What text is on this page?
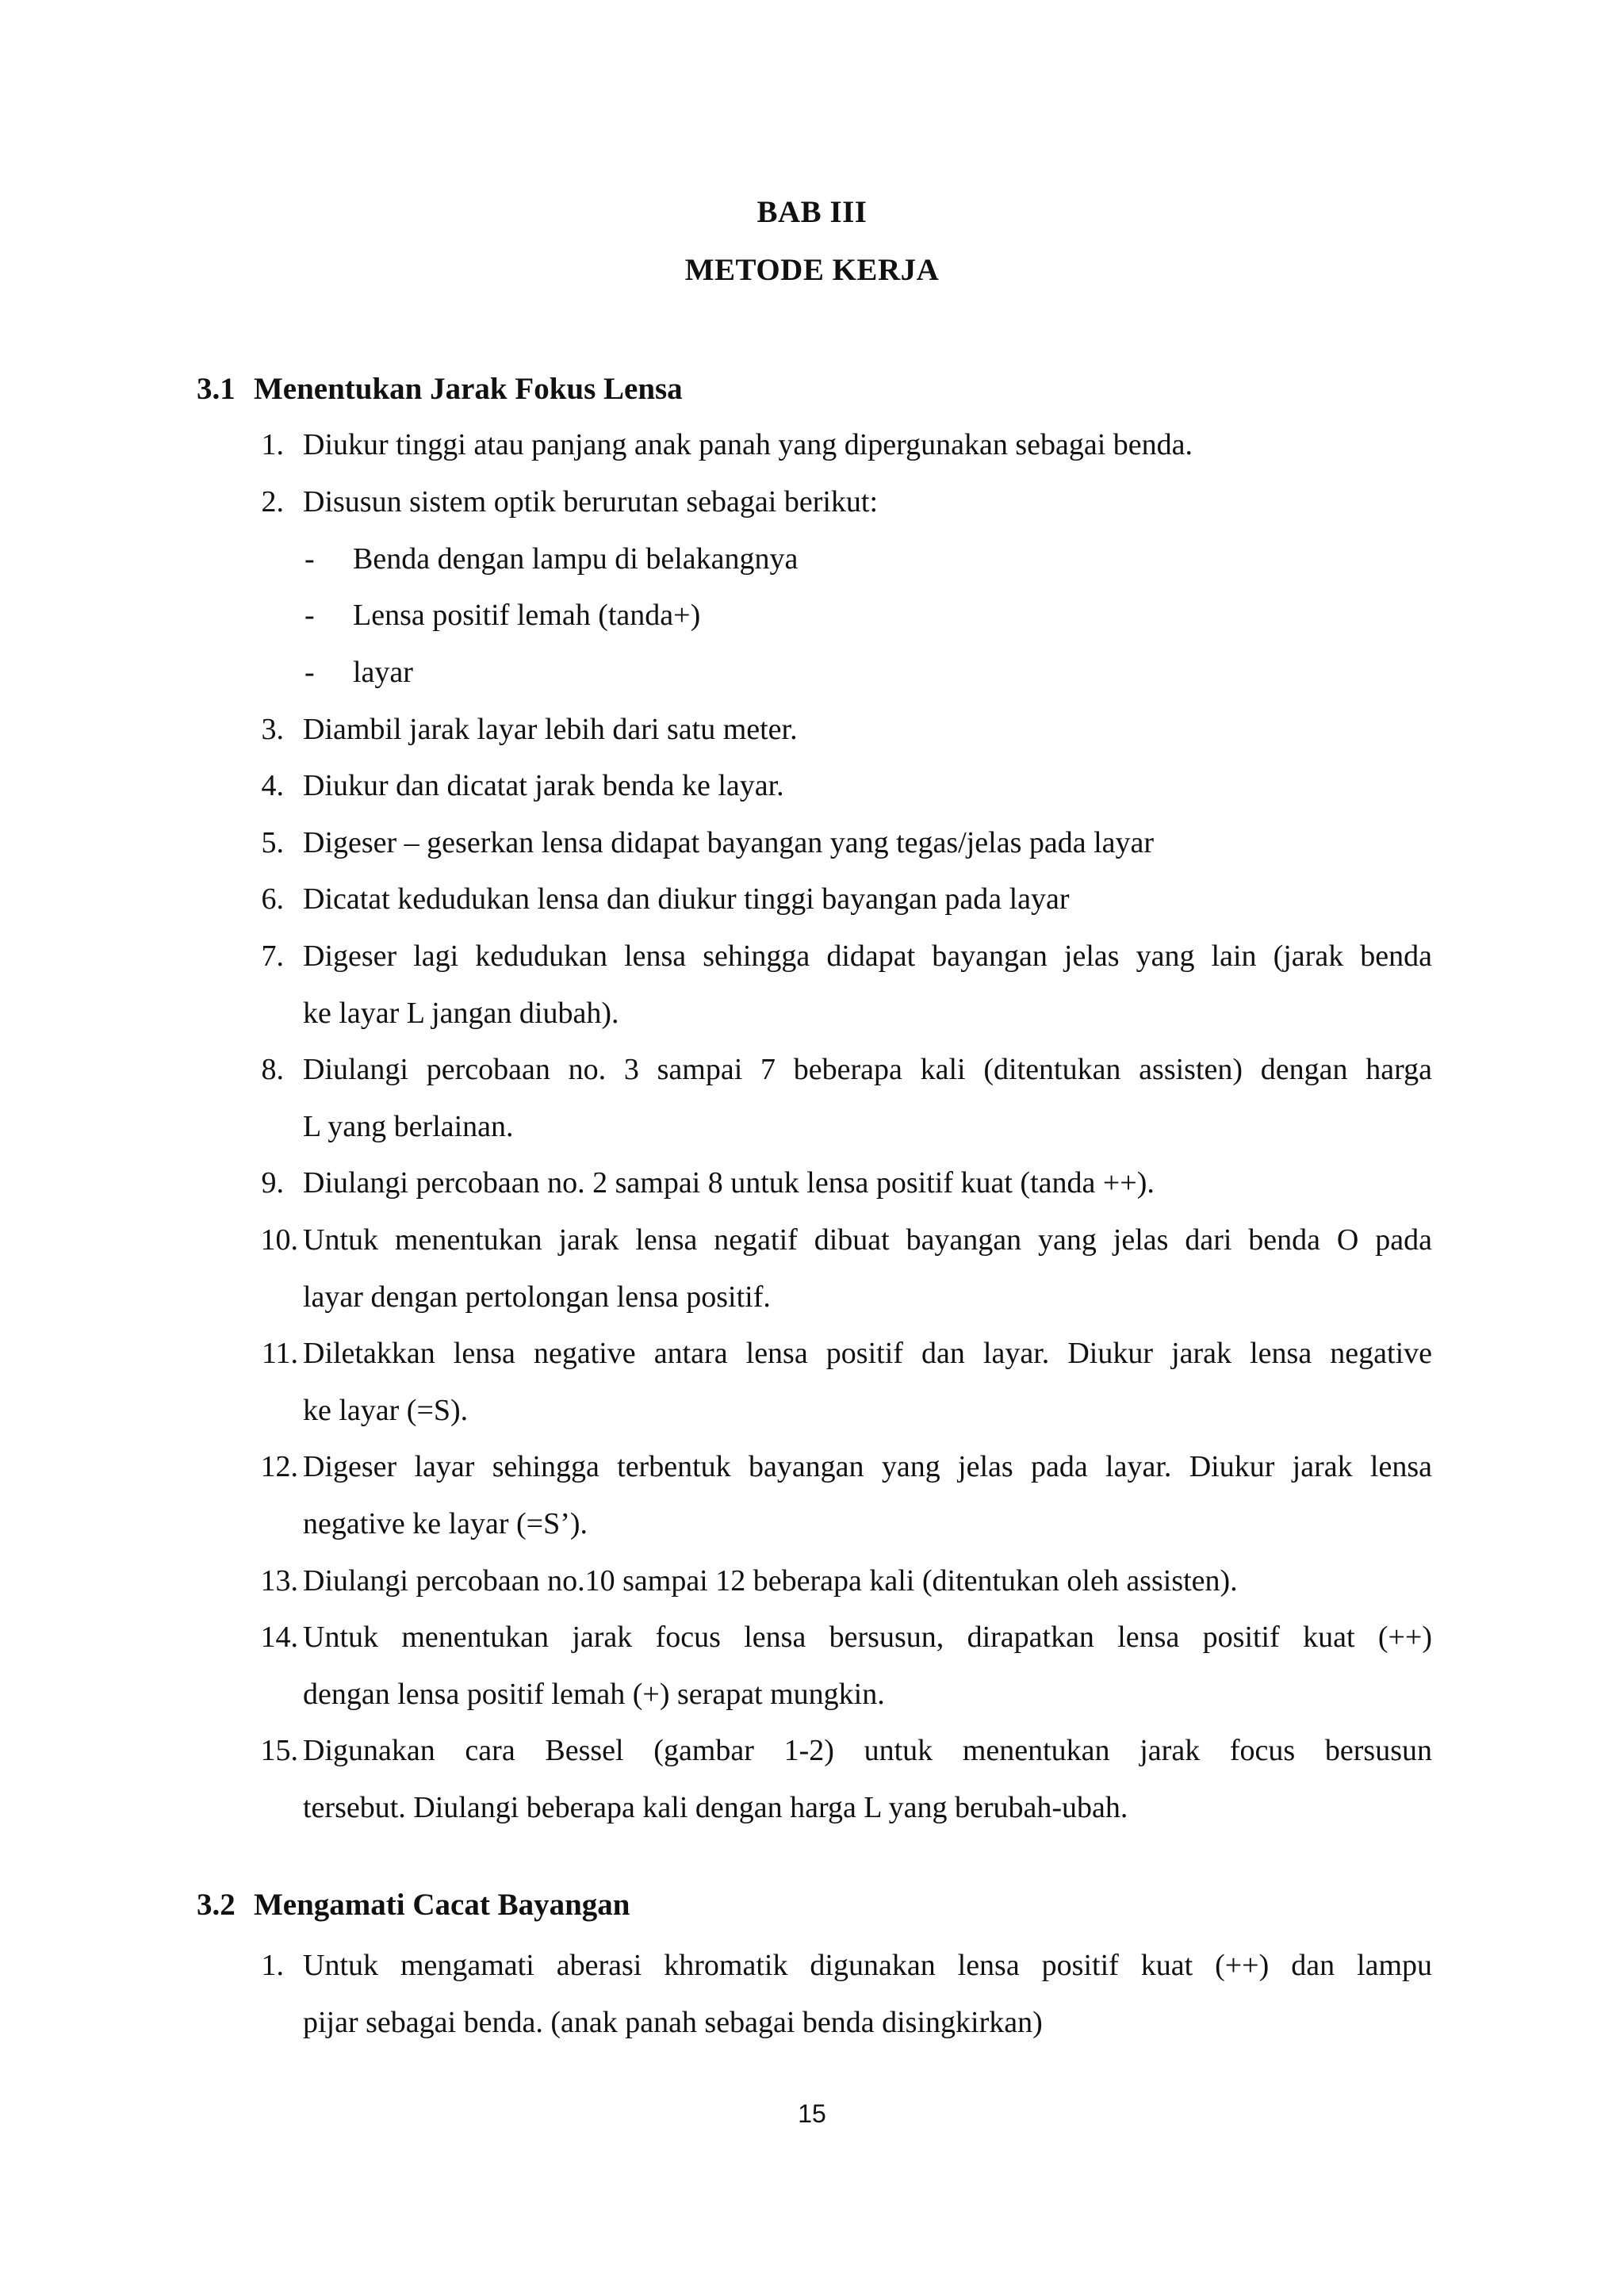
BAB III
METODE KERJA
3.1 Menentukan Jarak Fokus Lensa
1. Diukur tinggi atau panjang anak panah yang dipergunakan sebagai benda.
2. Disusun sistem optik berurutan sebagai berikut:
- Benda dengan lampu di belakangnya
- Lensa positif lemah (tanda+)
- layar
3. Diambil jarak layar lebih dari satu meter.
4. Diukur dan dicatat jarak benda ke layar.
5. Digeser – geserkan lensa didapat bayangan yang tegas/jelas pada layar
6. Dicatat kedudukan lensa dan diukur tinggi bayangan pada layar
7. Digeser lagi kedudukan lensa sehingga didapat bayangan jelas yang lain (jarak benda
ke layar L jangan diubah).
8. Diulangi percobaan no. 3 sampai 7 beberapa kali (ditentukan assisten) dengan harga
L yang berlainan.
9. Diulangi percobaan no. 2 sampai 8 untuk lensa positif kuat (tanda ++).
10. Untuk menentukan jarak lensa negatif dibuat bayangan yang jelas dari benda O pada
layar dengan pertolongan lensa positif.
11. Diletakkan lensa negative antara lensa positif dan layar. Diukur jarak lensa negative
ke layar (=S).
12. Digeser layar sehingga terbentuk bayangan yang jelas pada layar. Diukur jarak lensa
negative ke layar (=S’).
13. Diulangi percobaan no.10 sampai 12 beberapa kali (ditentukan oleh assisten).
14. Untuk menentukan jarak focus lensa bersusun, dirapatkan lensa positif kuat (++)
dengan lensa positif lemah (+) serapat mungkin.
15. Digunakan cara Bessel (gambar 1-2) untuk menentukan jarak focus bersusun
tersebut. Diulangi beberapa kali dengan harga L yang berubah-ubah.
3.2 Mengamati Cacat Bayangan
1. Untuk mengamati aberasi khromatik digunakan lensa positif kuat (++) dan lampu
pijar sebagai benda. (anak panah sebagai benda disingkirkan)
15
